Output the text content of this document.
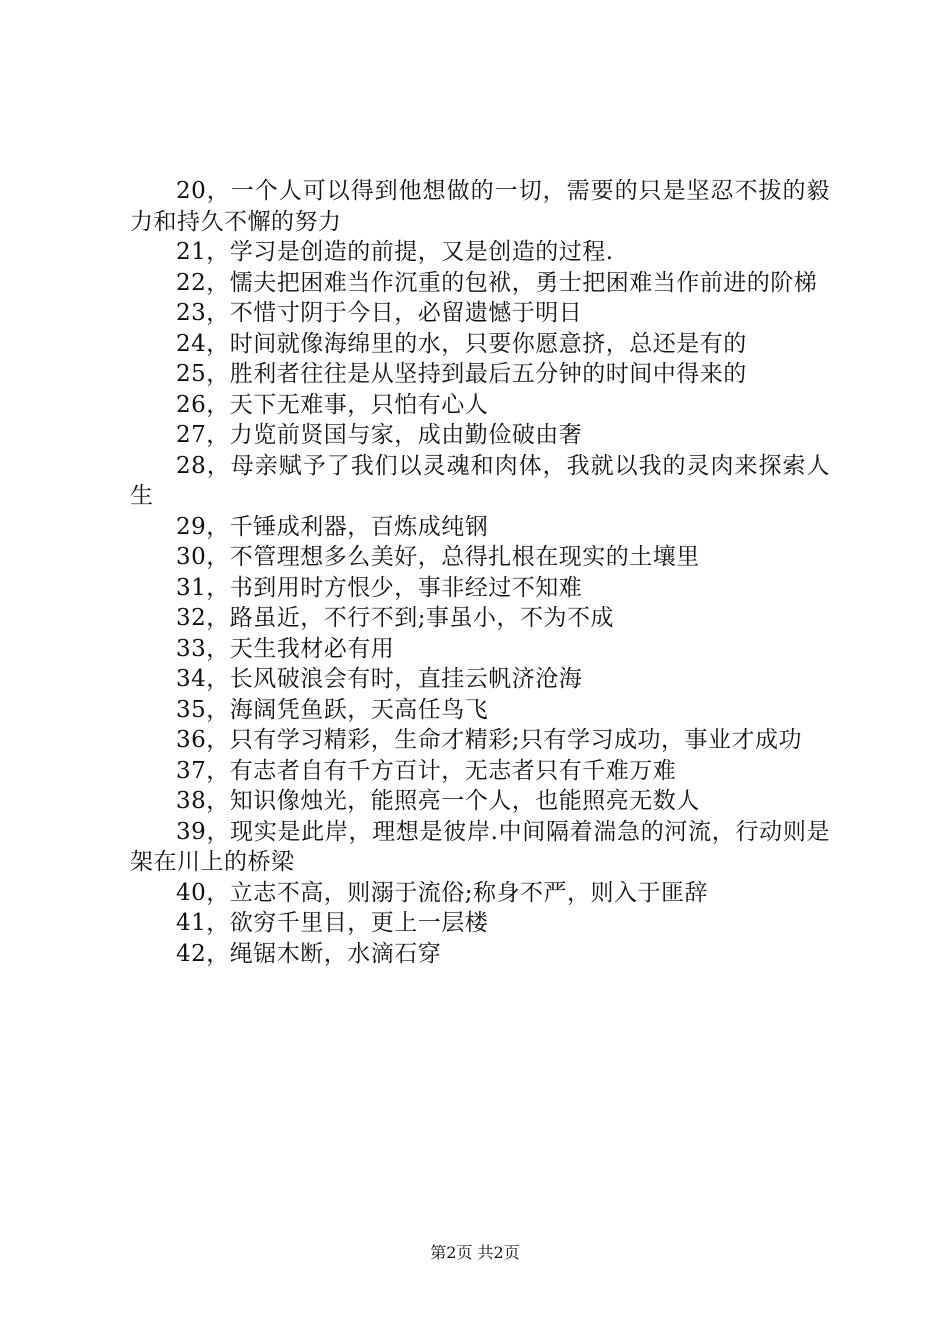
20，一个人可以得到他想做的一切，需要的只是坚忍不拔的毅力和持久不懈的努力

21，学习是创造的前提，又是创造的过程.

22，懦夫把困难当作沉重的包袱，勇士把困难当作前进的阶梯

23，不惜寸阴于今日，必留遗憾于明日

24，时间就像海绵里的水，只要你愿意挤，总还是有的

25，胜利者往往是从坚持到最后五分钟的时间中得来的

26，天下无难事，只怕有心人

27，力览前贤国与家，成由勤俭破由奢

28，母亲赋予了我们以灵魂和肉体，我就以我的灵肉来探索人生

29，千锤成利器，百炼成纯钢

30，不管理想多么美好，总得扎根在现实的土壤里

31，书到用时方恨少，事非经过不知难

32，路虽近，不行不到;事虽小，不为不成

33，天生我材必有用

34，长风破浪会有时，直挂云帆济沧海

35，海阔凭鱼跃，天高任鸟飞

36，只有学习精彩，生命才精彩;只有学习成功，事业才成功

37，有志者自有千方百计，无志者只有千难万难

38，知识像烛光，能照亮一个人，也能照亮无数人

39，现实是此岸，理想是彼岸.中间隔着湍急的河流，行动则是架在川上的桥梁

40，立志不高，则溺于流俗;称身不严，则入于匪辞

41，欲穷千里目，更上一层楼

42，绳锯木断，水滴石穿

第2页 共2页
